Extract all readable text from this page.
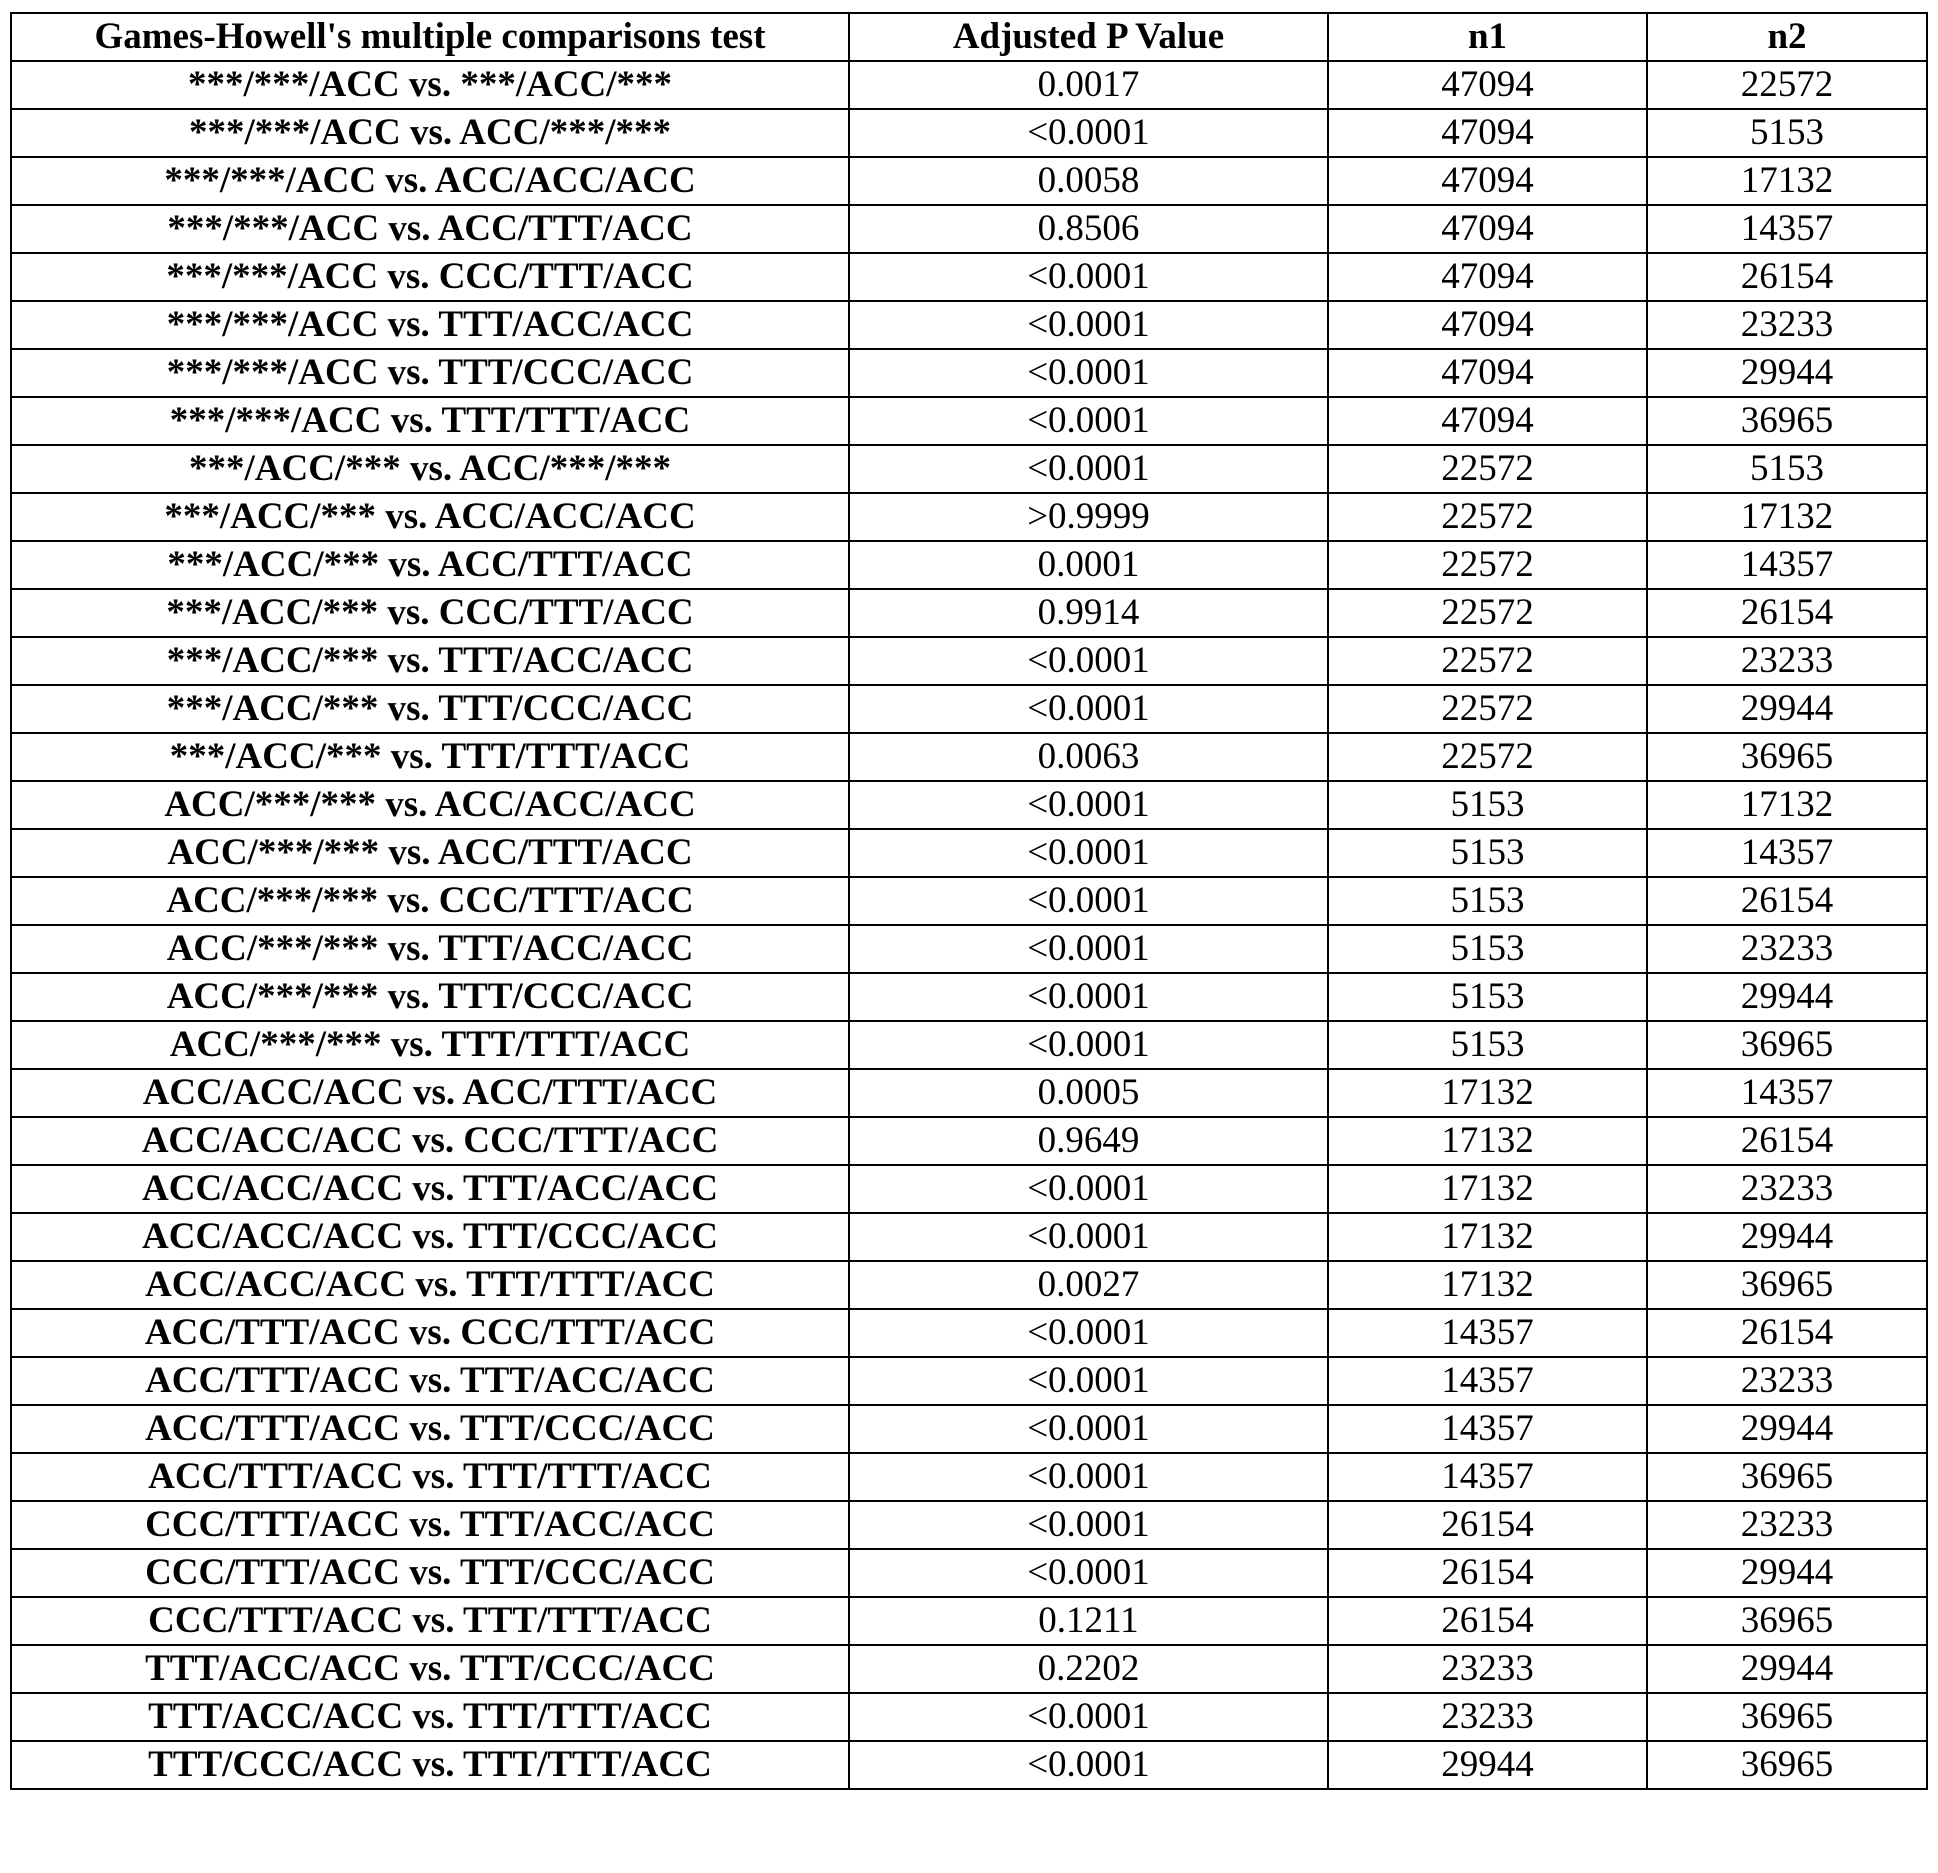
Games-Howell's multiple comparisons test	Adjusted P Value	n1	n2
***/***/ACC vs. ***/ACC/***	0.0017	47094	22572
***/***/ACC vs. ACC/***/***	<0.0001	47094	5153
***/***/ACC vs. ACC/ACC/ACC	0.0058	47094	17132
***/***/ACC vs. ACC/TTT/ACC	0.8506	47094	14357
***/***/ACC vs. CCC/TTT/ACC	<0.0001	47094	26154
***/***/ACC vs. TTT/ACC/ACC	<0.0001	47094	23233
***/***/ACC vs. TTT/CCC/ACC	<0.0001	47094	29944
***/***/ACC vs. TTT/TTT/ACC	<0.0001	47094	36965
***/ACC/*** vs. ACC/***/***	<0.0001	22572	5153
***/ACC/*** vs. ACC/ACC/ACC	>0.9999	22572	17132
***/ACC/*** vs. ACC/TTT/ACC	0.0001	22572	14357
***/ACC/*** vs. CCC/TTT/ACC	0.9914	22572	26154
***/ACC/*** vs. TTT/ACC/ACC	<0.0001	22572	23233
***/ACC/*** vs. TTT/CCC/ACC	<0.0001	22572	29944
***/ACC/*** vs. TTT/TTT/ACC	0.0063	22572	36965
ACC/***/*** vs. ACC/ACC/ACC	<0.0001	5153	17132
ACC/***/*** vs. ACC/TTT/ACC	<0.0001	5153	14357
ACC/***/*** vs. CCC/TTT/ACC	<0.0001	5153	26154
ACC/***/*** vs. TTT/ACC/ACC	<0.0001	5153	23233
ACC/***/*** vs. TTT/CCC/ACC	<0.0001	5153	29944
ACC/***/*** vs. TTT/TTT/ACC	<0.0001	5153	36965
ACC/ACC/ACC vs. ACC/TTT/ACC	0.0005	17132	14357
ACC/ACC/ACC vs. CCC/TTT/ACC	0.9649	17132	26154
ACC/ACC/ACC vs. TTT/ACC/ACC	<0.0001	17132	23233
ACC/ACC/ACC vs. TTT/CCC/ACC	<0.0001	17132	29944
ACC/ACC/ACC vs. TTT/TTT/ACC	0.0027	17132	36965
ACC/TTT/ACC vs. CCC/TTT/ACC	<0.0001	14357	26154
ACC/TTT/ACC vs. TTT/ACC/ACC	<0.0001	14357	23233
ACC/TTT/ACC vs. TTT/CCC/ACC	<0.0001	14357	29944
ACC/TTT/ACC vs. TTT/TTT/ACC	<0.0001	14357	36965
CCC/TTT/ACC vs. TTT/ACC/ACC	<0.0001	26154	23233
CCC/TTT/ACC vs. TTT/CCC/ACC	<0.0001	26154	29944
CCC/TTT/ACC vs. TTT/TTT/ACC	0.1211	26154	36965
TTT/ACC/ACC vs. TTT/CCC/ACC	0.2202	23233	29944
TTT/ACC/ACC vs. TTT/TTT/ACC	<0.0001	23233	36965
TTT/CCC/ACC vs. TTT/TTT/ACC	<0.0001	29944	36965
